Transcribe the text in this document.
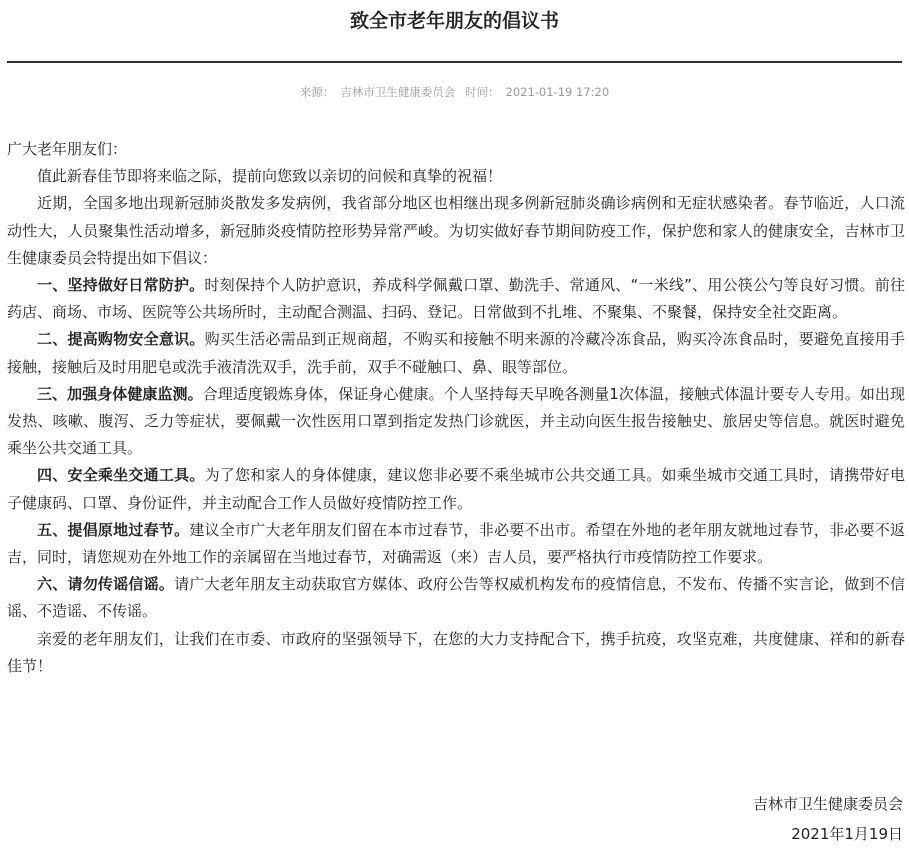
致全市老年朋友的倡议书
来源： 吉林市卫生健康委员会 时间： 2021-01-19 17:20

广大老年朋友们：

值此新春佳节即将来临之际，提前向您致以亲切的问候和真挚的祝福！

近期，全国多地出现新冠肺炎散发多发病例，我省部分地区也相继出现多例新冠肺炎确诊病例和无症状感染者。春节临近，人口流动性大，人员聚集性活动增多，新冠肺炎疫情防控形势异常严峻。为切实做好春节期间防疫工作，保护您和家人的健康安全，吉林市卫生健康委员会特提出如下倡议：

一、坚持做好日常防护。时刻保持个人防护意识，养成科学佩戴口罩、勤洗手、常通风、“一米线”、用公筷公勺等良好习惯。前往药店、商场、市场、医院等公共场所时，主动配合测温、扫码、登记。日常做到不扎堆、不聚集、不聚餐，保持安全社交距离。

二、提高购物安全意识。购买生活必需品到正规商超，不购买和接触不明来源的冷藏冷冻食品，购买冷冻食品时，要避免直接用手接触，接触后及时用肥皂或洗手液清洗双手，洗手前，双手不碰触口、鼻、眼等部位。

三、加强身体健康监测。合理适度锻炼身体，保证身心健康。个人坚持每天早晚各测量1次体温，接触式体温计要专人专用。如出现发热、咳嗽、腹泻、乏力等症状，要佩戴一次性医用口罩到指定发热门诊就医，并主动向医生报告接触史、旅居史等信息。就医时避免乘坐公共交通工具。

四、安全乘坐交通工具。为了您和家人的身体健康，建议您非必要不乘坐城市公共交通工具。如乘坐城市交通工具时，请携带好电子健康码、口罩、身份证件，并主动配合工作人员做好疫情防控工作。

五、提倡原地过春节。建议全市广大老年朋友们留在本市过春节，非必要不出市。希望在外地的老年朋友就地过春节，非必要不返吉，同时，请您规劝在外地工作的亲属留在当地过春节，对确需返（来）吉人员，要严格执行市疫情防控工作要求。

六、请勿传谣信谣。请广大老年朋友主动获取官方媒体、政府公告等权威机构发布的疫情信息，不发布、传播不实言论，做到不信谣、不造谣、不传谣。

亲爱的老年朋友们，让我们在市委、市政府的坚强领导下，在您的大力支持配合下，携手抗疫，攻坚克难，共度健康、祥和的新春佳节！

吉林市卫生健康委员会
2021年1月19日
